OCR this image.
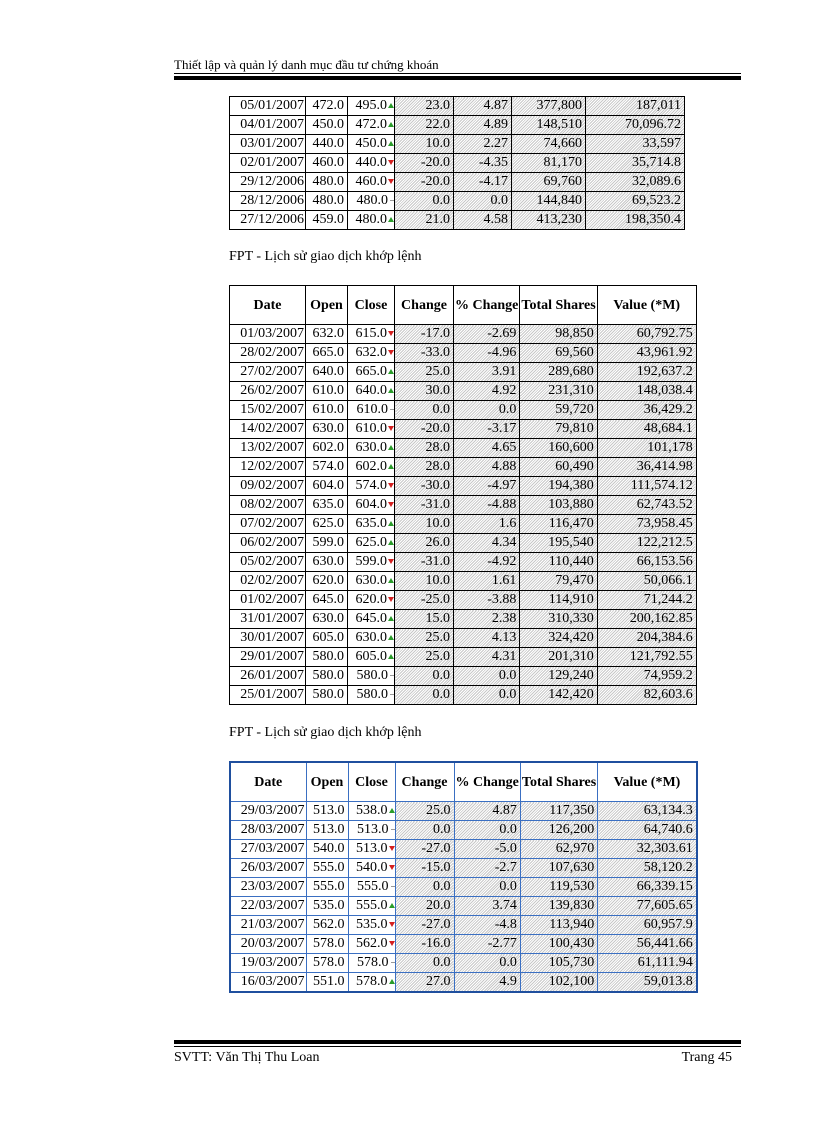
Thiết lập và quản lý danh mục đầu tư chứng khoán
05/01/2007	472.0	495.0	23.0	4.87	377,800	187,011
04/01/2007	450.0	472.0	22.0	4.89	148,510	70,096.72
03/01/2007	440.0	450.0	10.0	2.27	74,660	33,597
02/01/2007	460.0	440.0	-20.0	-4.35	81,170	35,714.8
29/12/2006	480.0	460.0	-20.0	-4.17	69,760	32,089.6
28/12/2006	480.0	480.0	0.0	0.0	144,840	69,523.2
27/12/2006	459.0	480.0	21.0	4.58	413,230	198,350.4
FPT - Lịch sử giao dịch khớp lệnh
Date	Open	Close	Change	% Change	Total Shares	Value (*M)
01/03/2007	632.0	615.0	-17.0	-2.69	98,850	60,792.75
28/02/2007	665.0	632.0	-33.0	-4.96	69,560	43,961.92
27/02/2007	640.0	665.0	25.0	3.91	289,680	192,637.2
26/02/2007	610.0	640.0	30.0	4.92	231,310	148,038.4
15/02/2007	610.0	610.0	0.0	0.0	59,720	36,429.2
14/02/2007	630.0	610.0	-20.0	-3.17	79,810	48,684.1
13/02/2007	602.0	630.0	28.0	4.65	160,600	101,178
12/02/2007	574.0	602.0	28.0	4.88	60,490	36,414.98
09/02/2007	604.0	574.0	-30.0	-4.97	194,380	111,574.12
08/02/2007	635.0	604.0	-31.0	-4.88	103,880	62,743.52
07/02/2007	625.0	635.0	10.0	1.6	116,470	73,958.45
06/02/2007	599.0	625.0	26.0	4.34	195,540	122,212.5
05/02/2007	630.0	599.0	-31.0	-4.92	110,440	66,153.56
02/02/2007	620.0	630.0	10.0	1.61	79,470	50,066.1
01/02/2007	645.0	620.0	-25.0	-3.88	114,910	71,244.2
31/01/2007	630.0	645.0	15.0	2.38	310,330	200,162.85
30/01/2007	605.0	630.0	25.0	4.13	324,420	204,384.6
29/01/2007	580.0	605.0	25.0	4.31	201,310	121,792.55
26/01/2007	580.0	580.0	0.0	0.0	129,240	74,959.2
25/01/2007	580.0	580.0	0.0	0.0	142,420	82,603.6
FPT - Lịch sử giao dịch khớp lệnh
Date	Open	Close	Change	% Change	Total Shares	Value (*M)
29/03/2007	513.0	538.0	25.0	4.87	117,350	63,134.3
28/03/2007	513.0	513.0	0.0	0.0	126,200	64,740.6
27/03/2007	540.0	513.0	-27.0	-5.0	62,970	32,303.61
26/03/2007	555.0	540.0	-15.0	-2.7	107,630	58,120.2
23/03/2007	555.0	555.0	0.0	0.0	119,530	66,339.15
22/03/2007	535.0	555.0	20.0	3.74	139,830	77,605.65
21/03/2007	562.0	535.0	-27.0	-4.8	113,940	60,957.9
20/03/2007	578.0	562.0	-16.0	-2.77	100,430	56,441.66
19/03/2007	578.0	578.0	0.0	0.0	105,730	61,111.94
16/03/2007	551.0	578.0	27.0	4.9	102,100	59,013.8
SVTT: Văn Thị Thu Loan	Trang 45
